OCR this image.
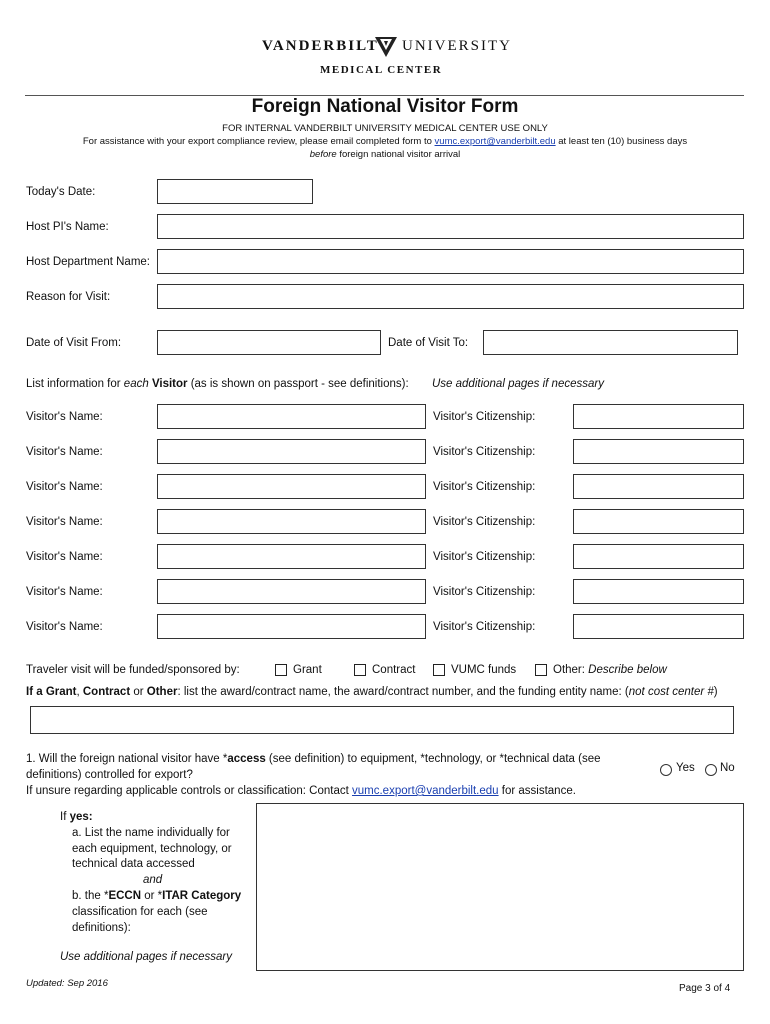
VANDERBILT UNIVERSITY
MEDICAL CENTER
Foreign National Visitor Form
FOR INTERNAL VANDERBILT UNIVERSITY MEDICAL CENTER USE ONLY
For assistance with your export compliance review, please email completed form to vumc.export@vanderbilt.edu at least ten (10) business days
before foreign national visitor arrival
Today's Date:
Host PI's Name:
Host Department Name:
Reason for Visit:
Date of Visit From:	Date of Visit To:
List information for each Visitor (as is shown on passport - see definitions): Use additional pages if necessary
Visitor's Name:	Visitor's Citizenship:
Visitor's Name:	Visitor's Citizenship:
Visitor's Name:	Visitor's Citizenship:
Visitor's Name:	Visitor's Citizenship:
Visitor's Name:	Visitor's Citizenship:
Visitor's Name:	Visitor's Citizenship:
Visitor's Name:	Visitor's Citizenship:
Traveler visit will be funded/sponsored by:	Grant	Contract	VUMC funds	Other: Describe below
If a Grant, Contract or Other: list the award/contract name, the award/contract number, and the funding entity name: (not cost center #)
1. Will the foreign national visitor have *access (see definition) to equipment, *technology, or *technical data (see
definitions) controlled for export?
If unsure regarding applicable controls or classification: Contact vumc.export@vanderbilt.edu for assistance.
Yes No
If yes:
a. List the name individually for
each equipment, technology, or
technical data accessed
and
b. the *ECCN or *ITAR Category
classification for each (see
definitions):
Use additional pages if necessary
Updated: Sep 2016	Page 3 of 4
